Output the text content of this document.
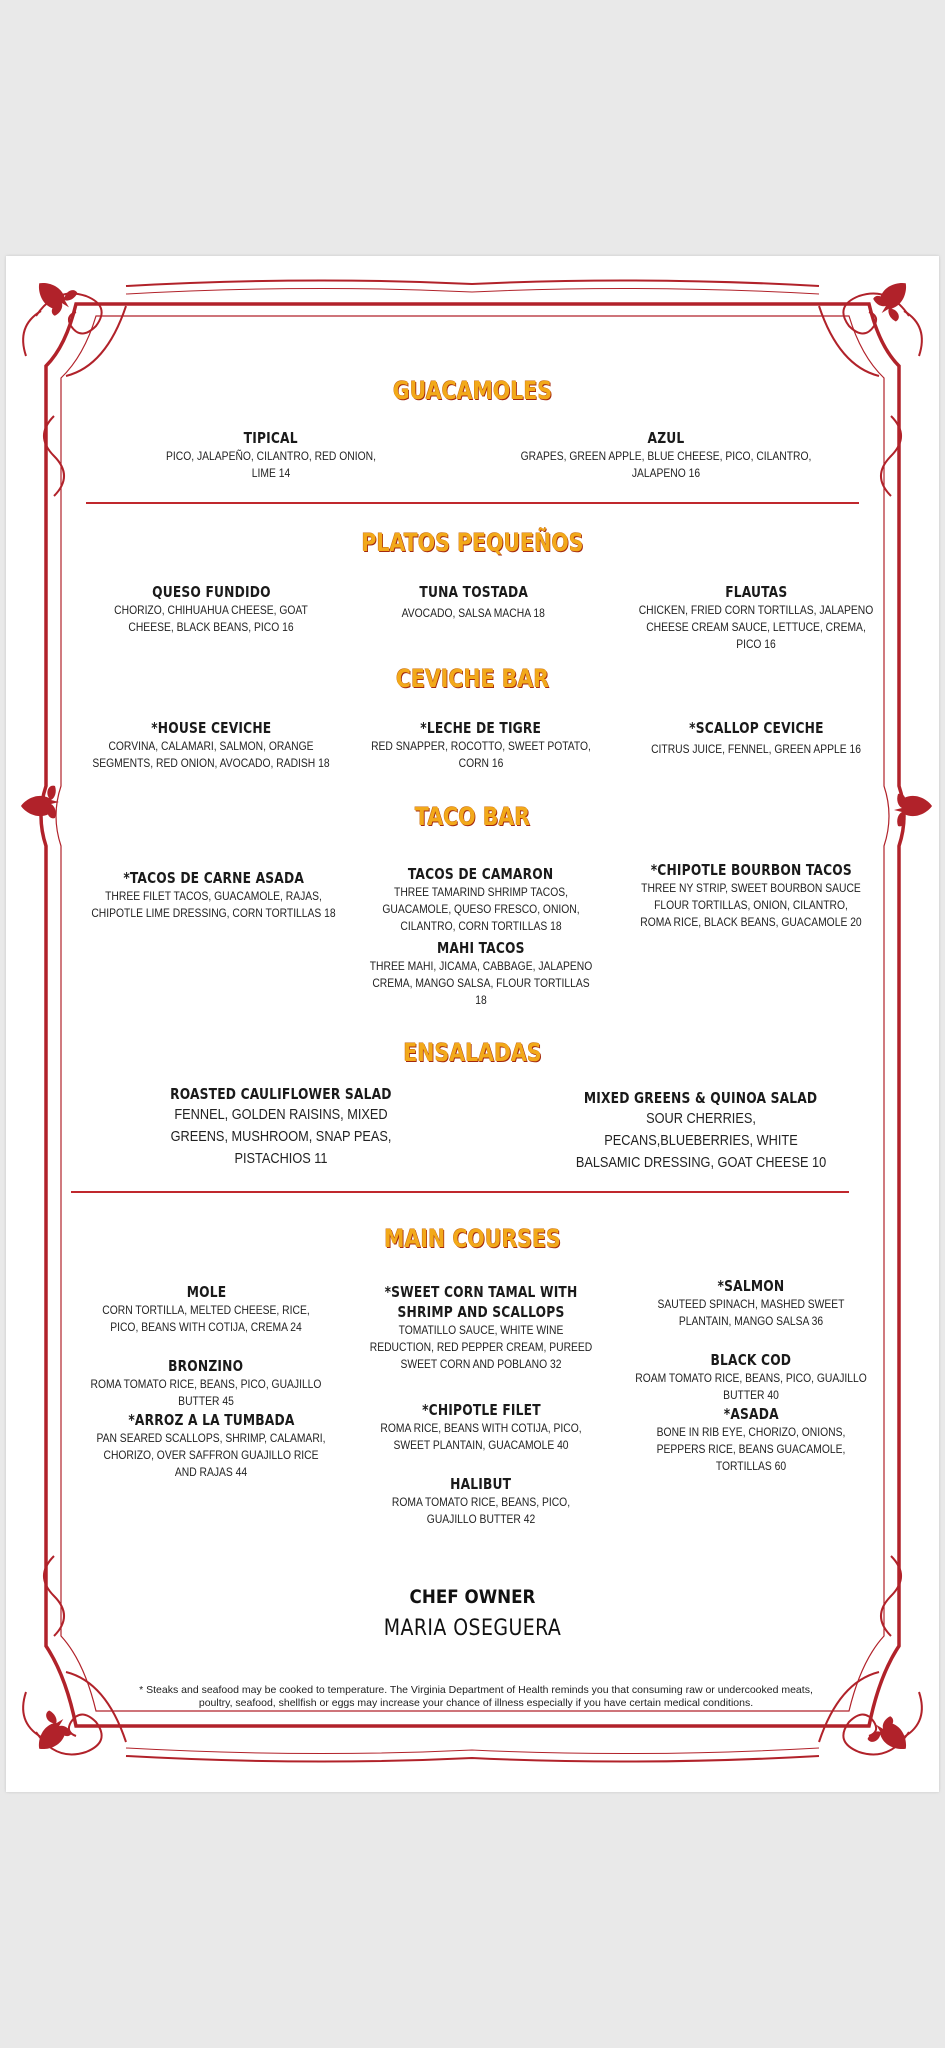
GUACAMOLES
TIPICAL
PICO, JALAPEÑO, CILANTRO, RED ONION, LIME 14
AZUL
GRAPES, GREEN APPLE, BLUE CHEESE, PICO, CILANTRO, JALAPENO 16
PLATOS PEQUEÑOS
QUESO FUNDIDO
CHORIZO, CHIHUAHUA CHEESE, GOAT CHEESE, BLACK BEANS, PICO 16
TUNA TOSTADA
AVOCADO, SALSA MACHA 18
FLAUTAS
CHICKEN, FRIED CORN TORTILLAS, JALAPENO CHEESE CREAM SAUCE, LETTUCE, CREMA, PICO 16
CEVICHE BAR
*HOUSE CEVICHE
CORVINA, CALAMARI, SALMON, ORANGE SEGMENTS, RED ONION, AVOCADO, RADISH 18
*LECHE DE TIGRE
RED SNAPPER, ROCOTTO, SWEET POTATO, CORN 16
*SCALLOP CEVICHE
CITRUS JUICE, FENNEL, GREEN APPLE 16
TACO BAR
*TACOS DE CARNE ASADA
THREE FILET TACOS, GUACAMOLE, RAJAS, CHIPOTLE LIME DRESSING, CORN TORTILLAS 18
TACOS DE CAMARON
THREE TAMARIND SHRIMP TACOS, GUACAMOLE, QUESO FRESCO, ONION, CILANTRO, CORN TORTILLAS 18
MAHI TACOS
THREE MAHI, JICAMA, CABBAGE, JALAPENO CREMA, MANGO SALSA, FLOUR TORTILLAS 18
*CHIPOTLE BOURBON TACOS
THREE NY STRIP, SWEET BOURBON SAUCE FLOUR TORTILLAS, ONION, CILANTRO, ROMA RICE, BLACK BEANS, GUACAMOLE 20
ENSALADAS
ROASTED CAULIFLOWER SALAD
FENNEL, GOLDEN RAISINS, MIXED GREENS, MUSHROOM, SNAP PEAS, PISTACHIOS 11
MIXED GREENS & QUINOA SALAD
SOUR CHERRIES, PECANS,BLUEBERRIES, WHITE BALSAMIC DRESSING, GOAT CHEESE 10
MAIN COURSES
MOLE
CORN TORTILLA, MELTED CHEESE, RICE, PICO, BEANS WITH COTIJA, CREMA 24
BRONZINO
ROMA TOMATO RICE, BEANS, PICO, GUAJILLO BUTTER 45
*ARROZ A LA TUMBADA
PAN SEARED SCALLOPS, SHRIMP, CALAMARI, CHORIZO, OVER SAFFRON GUAJILLO RICE AND RAJAS 44
*SWEET CORN TAMAL WITH SHRIMP AND SCALLOPS
TOMATILLO SAUCE, WHITE WINE REDUCTION, RED PEPPER CREAM, PUREED SWEET CORN AND POBLANO 32
*CHIPOTLE FILET
ROMA RICE, BEANS WITH COTIJA, PICO, SWEET PLANTAIN, GUACAMOLE 40
HALIBUT
ROMA TOMATO RICE, BEANS, PICO, GUAJILLO BUTTER 42
*SALMON
SAUTEED SPINACH, MASHED SWEET PLANTAIN, MANGO SALSA 36
BLACK COD
ROAM TOMATO RICE, BEANS, PICO, GUAJILLO BUTTER 40
*ASADA
BONE IN RIB EYE, CHORIZO, ONIONS, PEPPERS RICE, BEANS GUACAMOLE, TORTILLAS 60
CHEF OWNER
MARIA OSEGUERA
* Steaks and seafood may be cooked to temperature. The Virginia Department of Health reminds you that consuming raw or undercooked meats, poultry, seafood, shellfish or eggs may increase your chance of illness especially if you have certain medical conditions.
